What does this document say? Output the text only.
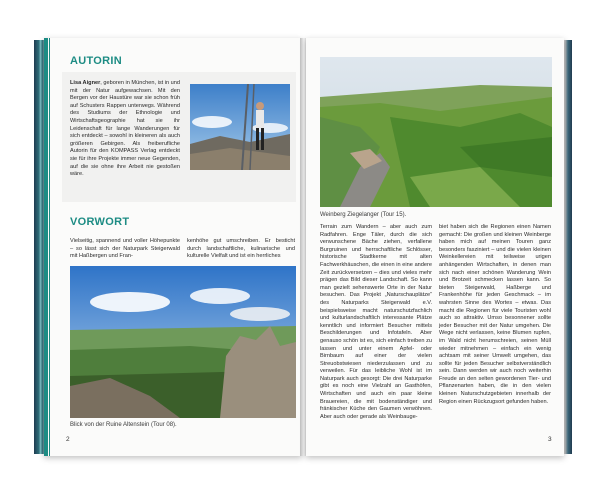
AUTORIN
Lisa Aigner, geboren in München, ist in und mit der Natur aufgewachsen. Mit den Bergen vor der Haustüre war sie schon früh auf Schusters Rappen unterwegs. Während des Studiums der Ethnologie und Wirtschaftsgeographie hat sie ihr Leidenschaft für lange Wanderungen für sich entdeckt – sowohl in kleineren als auch größeren Gebirgen. Als freiberufliche Autorin für den KOMPASS Verlag entdeckt sie für ihre Projekte immer neue Gegenden, auf die sie ohne ihre Arbeit nie gestoßen wäre.
VORWORT
Vielseitig, spannend und voller Höhepunkte – so lässt sich der Naturpark Steigerwald mit Haßbergen und Fran-
kenhöhe gut umschreiben. Er besticht durch landschaftliche, kulinarische und kulturelle Vielfalt und ist ein herrliches
Blick von der Ruine Altenstein (Tour 08).
2
Weinberg Ziegelanger (Tour 15).
Terrain zum Wandern – aber auch zum Radfahren. Enge Täler, durch die sich verwunschene Bäche ziehen, verfallene Burgruinen und herrschaftliche Schlösser, historische Stadtkerne mit alten Fachwerkhäuschen, die einen in eine andere Zeit zurückversetzen – dies und vieles mehr prägen das Bild dieser Landschaft. So kann man gezielt sehenswerte Orte in der Natur besuchen. Das Projekt „Naturschauplätze“ des Naturparks Steigerwald e.V. beispielsweise macht naturschutzfachlich und kulturlandschaftlich interessante Plätze kenntlich und informiert Besucher mittels Beschilderungen und Infotafeln. Aber genauso schön ist es, sich einfach treiben zu lassen und unter einem Apfel- oder Birnbaum auf einer der vielen Streuobstwiesen niederzulassen und zu verweilen. Für das leibliche Wohl ist im Naturpark auch gesorgt: Die drei Naturparke gibt es noch eine Vielzahl an Gasthöfen, Wirtschaften und auch ein paar kleine Brauereien, die mit bodenständiger und fränkischer Küche den Gaumen verwöhnen. Aber auch oder gerade als Weinbauge-
biet haben sich die Regionen einen Namen gemacht: Die großen und kleinen Weinberge haben mich auf meinen Touren ganz besonders fasziniert – und die vielen kleinen Weinkellereien mit teilweise urigen anhängenden Wirtschaften, in denen man sich nach einer schönen Wanderung Wein und Brotzeit schmecken lassen kann. So bieten Steigerwald, Haßberge und Frankenhöhe für jeden Geschmack – im wahrsten Sinne des Wortes – etwas. Das macht die Regionen für viele Touristen wohl auch so attraktiv. Umso besonnener sollte jeder Besucher mit der Natur umgehen. Die Wege nicht verlassen, keine Blumen rupfen, im Wald nicht herumschreien, seinen Müll wieder mitnehmen – einfach ein wenig achtsam mit seiner Umwelt umgehen, das sollte für jeden Besucher selbstverständlich sein. Dann werden wir auch noch weiterhin Freude an den selten gewordenen Tier- und Pflanzenarten haben, die in den vielen kleinen Naturschutzgebieten innerhalb der Region einen Rückzugsort gefunden haben.
3
